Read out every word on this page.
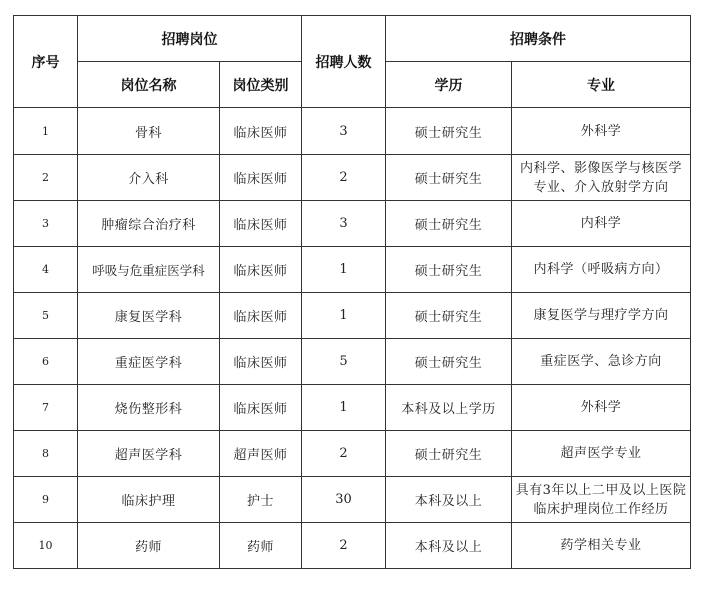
序号	招聘岗位		招聘人数	招聘条件	
	岗位名称	岗位类别		学历	专业
1	骨科	临床医师	3	硕士研究生	外科学
2	介入科	临床医师	2	硕士研究生	内科学、影像医学与核医学专业、介入放射学方向
3	肿瘤综合治疗科	临床医师	3	硕士研究生	内科学
4	呼吸与危重症医学科	临床医师	1	硕士研究生	内科学（呼吸病方向）
5	康复医学科	临床医师	1	硕士研究生	康复医学与理疗学方向
6	重症医学科	临床医师	5	硕士研究生	重症医学、急诊方向
7	烧伤整形科	临床医师	1	本科及以上学历	外科学
8	超声医学科	超声医师	2	硕士研究生	超声医学专业
9	临床护理	护士	30	本科及以上	具有3年以上二甲及以上医院临床护理岗位工作经历
10	药师	药师	2	本科及以上	药学相关专业
